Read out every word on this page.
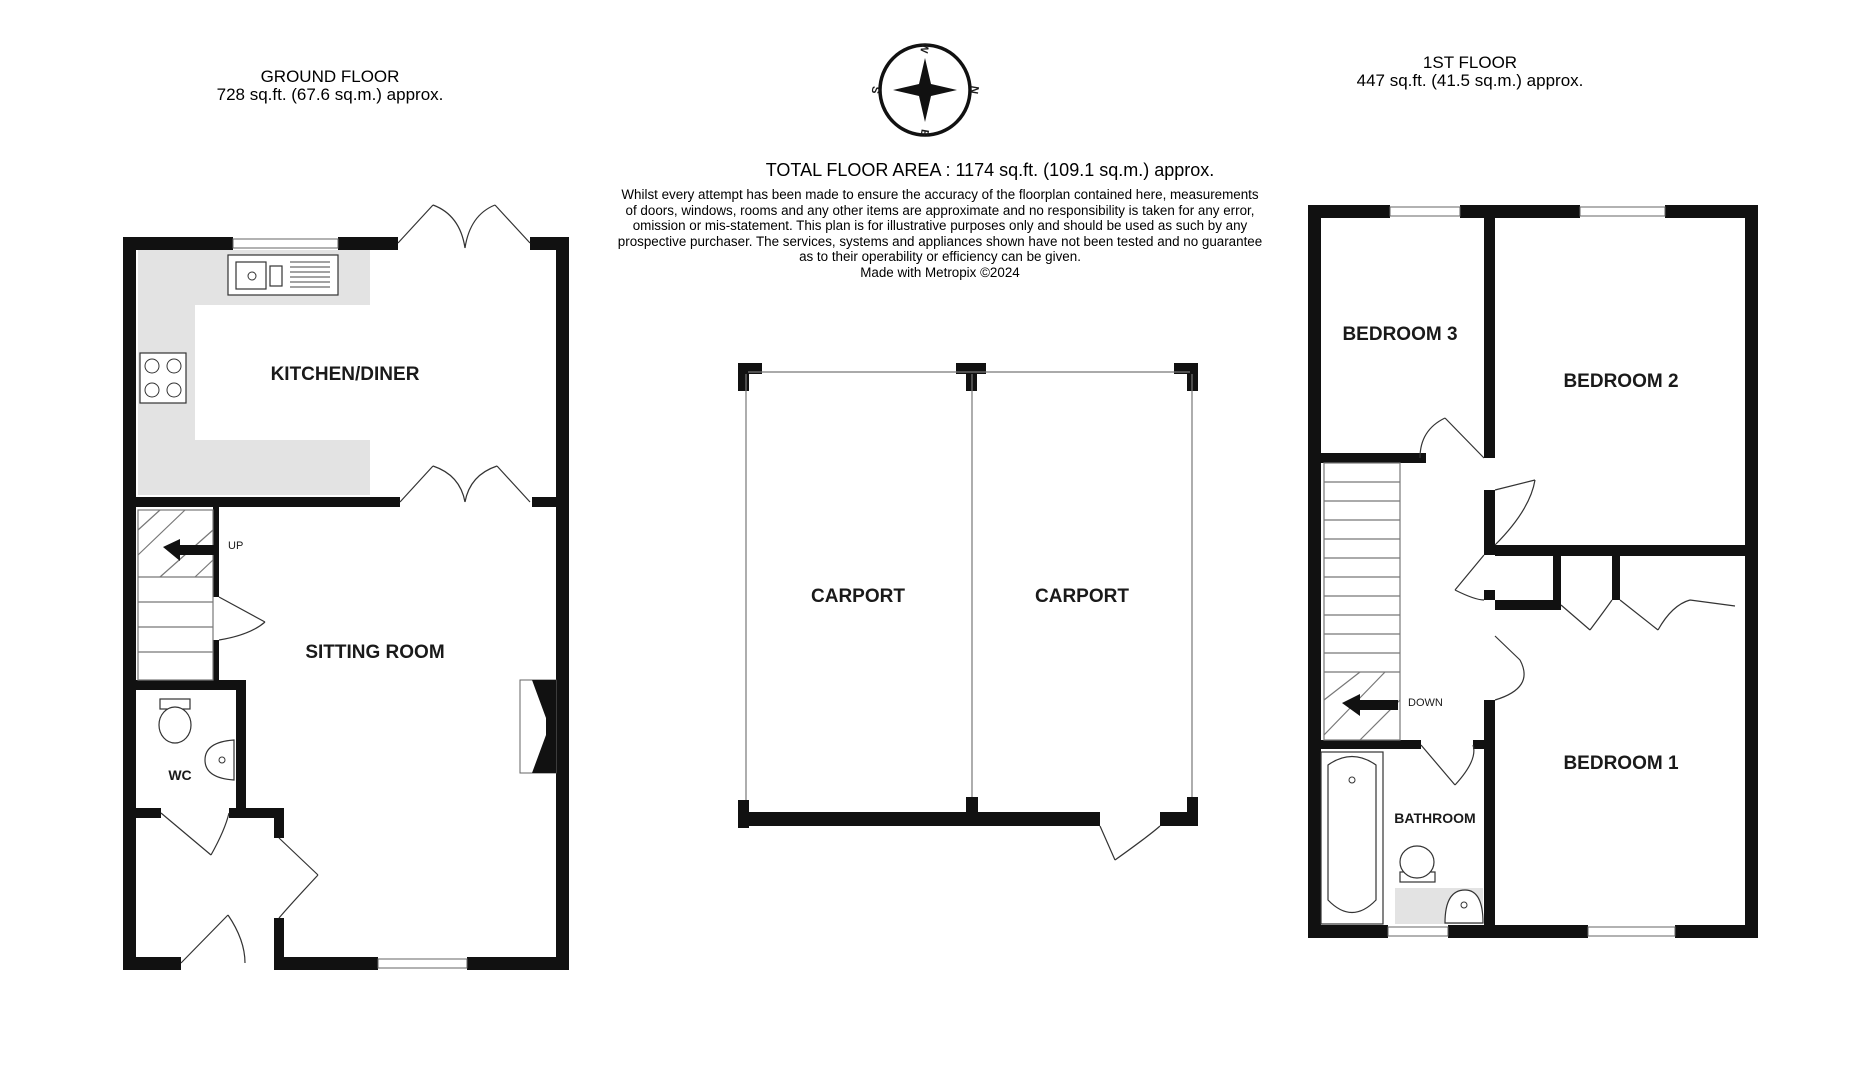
GROUND FLOOR
728 sq.ft. (67.6 sq.m.) approx.
1ST FLOOR
447 sq.ft. (41.5 sq.m.) approx.
TOTAL FLOOR AREA : 1174 sq.ft. (109.1 sq.m.) approx.
Whilst every attempt has been made to ensure the accuracy of the floorplan contained here, measurements
of doors, windows, rooms and any other items are approximate and no responsibility is taken for any error,
omission or mis-statement. This plan is for illustrative purposes only and should be used as such by any
prospective purchaser. The services, systems and appliances shown have not been tested and no guarantee
as to their operability or efficiency can be given.
Made with Metropix ©2024
W
N
E
S
UP
KITCHEN/DINER
SITTING ROOM
WC
CARPORT	CARPORT
DOWN
BEDROOM 3
BEDROOM 2
BEDROOM 1
BATHROOM
